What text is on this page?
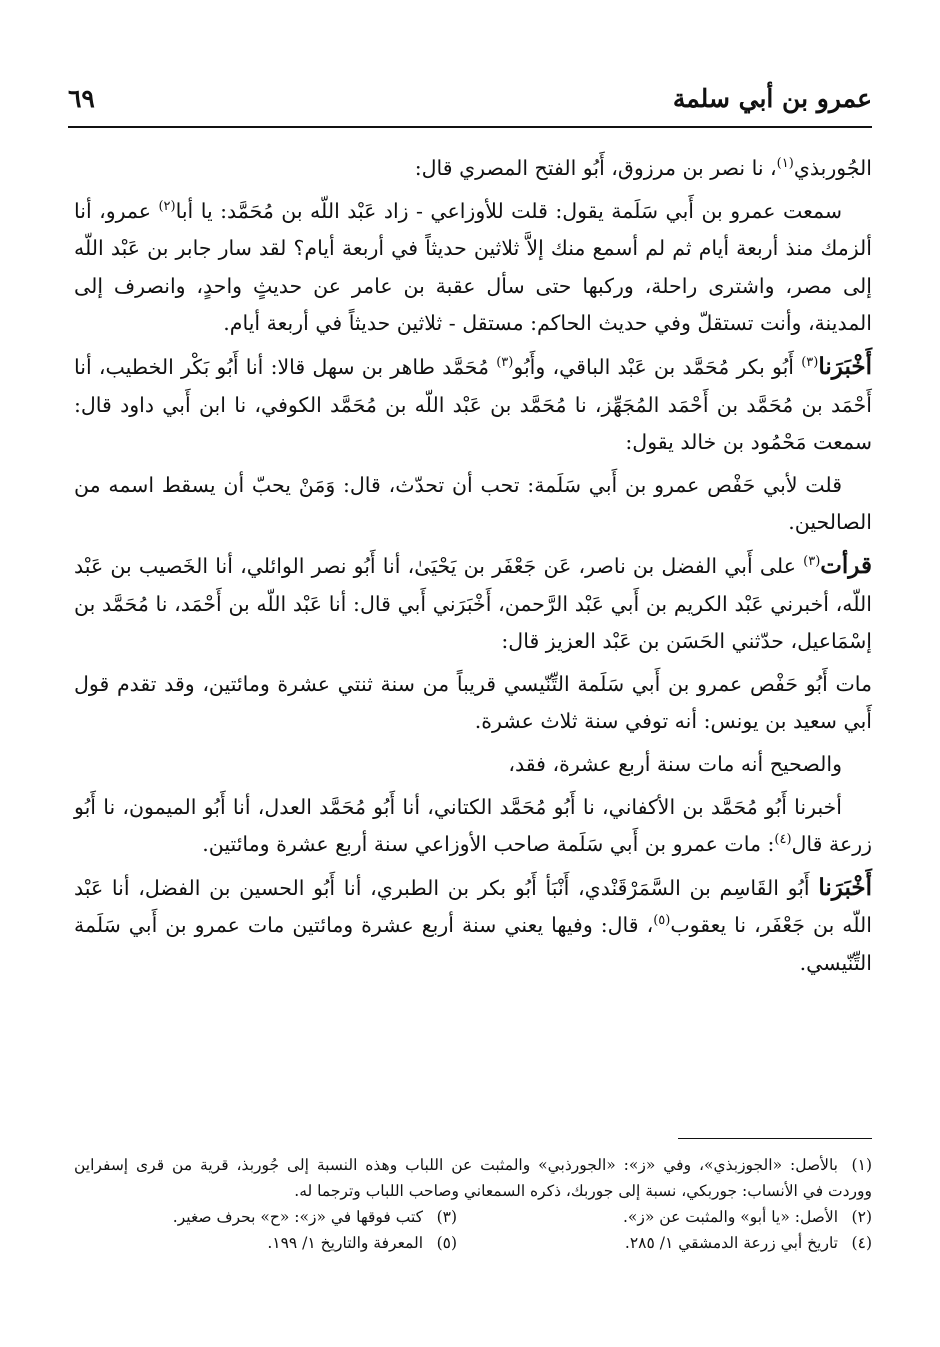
عمرو بن أبي سلمة
٦٩

الجُوربذي$^{(١)}$، نا نصر بن مرزوق، أَبُو الفتح المصري قال:

سمعت عمرو بن أَبي سَلَمة يقول: قلت للأوزاعي - زاد عَبْد اللّه بن مُحَمَّد: يا أبا$^{(٢)}$ عمرو، أنا ألزمك منذ أربعة أيام ثم لم أسمع منك إلاَّ ثلاثين حديثاً في أربعة أيام؟ لقد سار جابر بن عَبْد اللّه إلى مصر، واشترى راحلة، وركبها حتى سأل عقبة بن عامر عن حديثٍ واحدٍ، وانصرف إلى المدينة، وأنت تستقلّ وفي حديث الحاكم: مستقل - ثلاثين حديثاً في أربعة أيام.

أَخْبَرَنا$^{(٣)}$ أَبُو بكر مُحَمَّد بن عَبْد الباقي، وأَبُو$^{(٣)}$ مُحَمَّد طاهر بن سهل قالا: أنا أَبُو بَكْر الخطيب، أنا أَحْمَد بن مُحَمَّد بن أَحْمَد المُجَهِّز، نا مُحَمَّد بن عَبْد اللّه بن مُحَمَّد الكوفي، نا ابن أَبي داود قال: سمعت مَحْمُود بن خالد يقول:

قلت لأبي حَفْص عمرو بن أَبي سَلَمة: تحب أن تحدّث، قال: وَمَنْ يحبّ أن يسقط اسمه من الصالحين.

قرأت$^{(٣)}$ على أَبي الفضل بن ناصر، عَن جَعْفَر بن يَحْيَىٰ، أنا أَبُو نصر الوائلي، أنا الخَصيب بن عَبْد اللّه، أخبرني عَبْد الكريم بن أَبي عَبْد الرَّحمن، أَخْبَرَني أَبي قال: أنا عَبْد اللّه بن أَحْمَد، نا مُحَمَّد بن إسْمَاعيل، حدّثني الحَسَن بن عَبْد العزيز قال:

مات أَبُو حَفْص عمرو بن أَبي سَلَمة التِّنّيسي قريباً من سنة ثنتي عشرة ومائتين، وقد تقدم قول أَبي سعيد بن يونس: أنه توفي سنة ثلاث عشرة.

والصحيح أنه مات سنة أربع عشرة، فقد،

أخبرنا أَبُو مُحَمَّد بن الأكفاني، نا أَبُو مُحَمَّد الكتاني، أنا أَبُو مُحَمَّد العدل، أنا أَبُو الميمون، نا أَبُو زرعة قال$^{(٤)}$: مات عمرو بن أَبي سَلَمة صاحب الأوزاعي سنة أربع عشرة ومائتين.

أَخْبَرَنا أَبُو القَاسِم بن السَّمَرْقَنْدي، أَنْبَأ أَبُو بكر بن الطبري، أنا أَبُو الحسين بن الفضل، أنا عَبْد اللّه بن جَعْفَر، نا يعقوب$^{(٥)}$، قال: وفيها يعني سنة أربع عشرة ومائتين مات عمرو بن أَبي سَلَمة التِّنّيسي.

(١)بالأصل: «الجوزبذي»، وفي «ز»: «الجورذبي» والمثبت عن اللباب وهذه النسبة إلى جُوربذ، قرية من قرى إسفراين ووردت في الأنساب: جوربكي، نسبة إلى جوربك، ذكره السمعاني وصاحب اللباب وترجما له.

(٢)الأصل: «يا أبو» والمثبت عن «ز».

(٣)كتب فوقها في «ز»: «ح» بحرف صغير.

(٤)تاريخ أبي زرعة الدمشقي ١/ ٢٨٥.

(٥)المعرفة والتاريخ ١/ ١٩٩.
